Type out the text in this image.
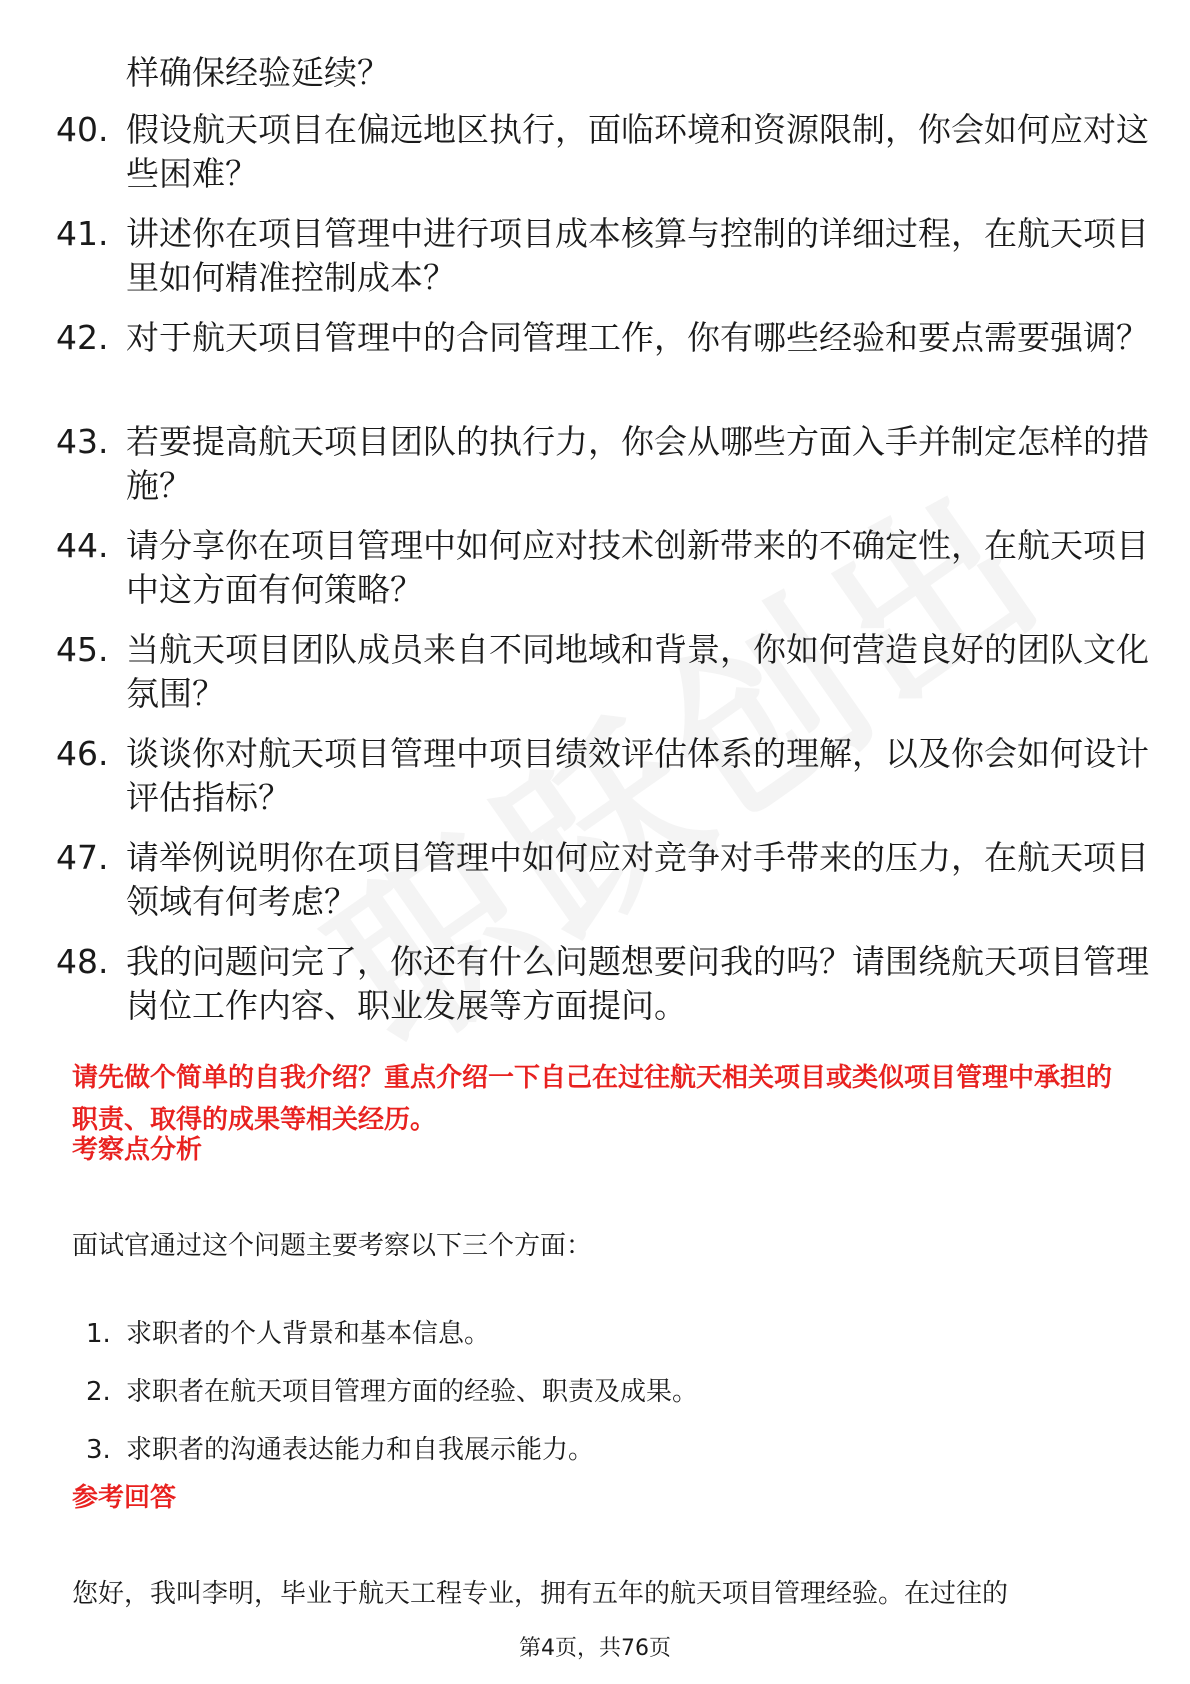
样确保经验延续？
40. 假设航天项目在偏远地区执行，面临环境和资源限制，你会如何应对这些困难？
41. 讲述你在项目管理中进行项目成本核算与控制的详细过程，在航天项目里如何精准控制成本？
42. 对于航天项目管理中的合同管理工作，你有哪些经验和要点需要强调？
43. 若要提高航天项目团队的执行力，你会从哪些方面入手并制定怎样的措施？
44. 请分享你在项目管理中如何应对技术创新带来的不确定性，在航天项目中这方面有何策略？
45. 当航天项目团队成员来自不同地域和背景，你如何营造良好的团队文化氛围？
46. 谈谈你对航天项目管理中项目绩效评估体系的理解，以及你会如何设计评估指标？
47. 请举例说明你在项目管理中如何应对竞争对手带来的压力，在航天项目领域有何考虑？
48. 我的问题问完了，你还有什么问题想要问我的吗？请围绕航天项目管理岗位工作内容、职业发展等方面提问。
请先做个简单的自我介绍？重点介绍一下自己在过往航天相关项目或类似项目管理中承担的职责、取得的成果等相关经历。
考察点分析
面试官通过这个问题主要考察以下三个方面：
1. 求职者的个人背景和基本信息。
2. 求职者在航天项目管理方面的经验、职责及成果。
3. 求职者的沟通表达能力和自我展示能力。
参考回答
您好，我叫李明，毕业于航天工程专业，拥有五年的航天项目管理经验。在过往的
第4页，共76页
